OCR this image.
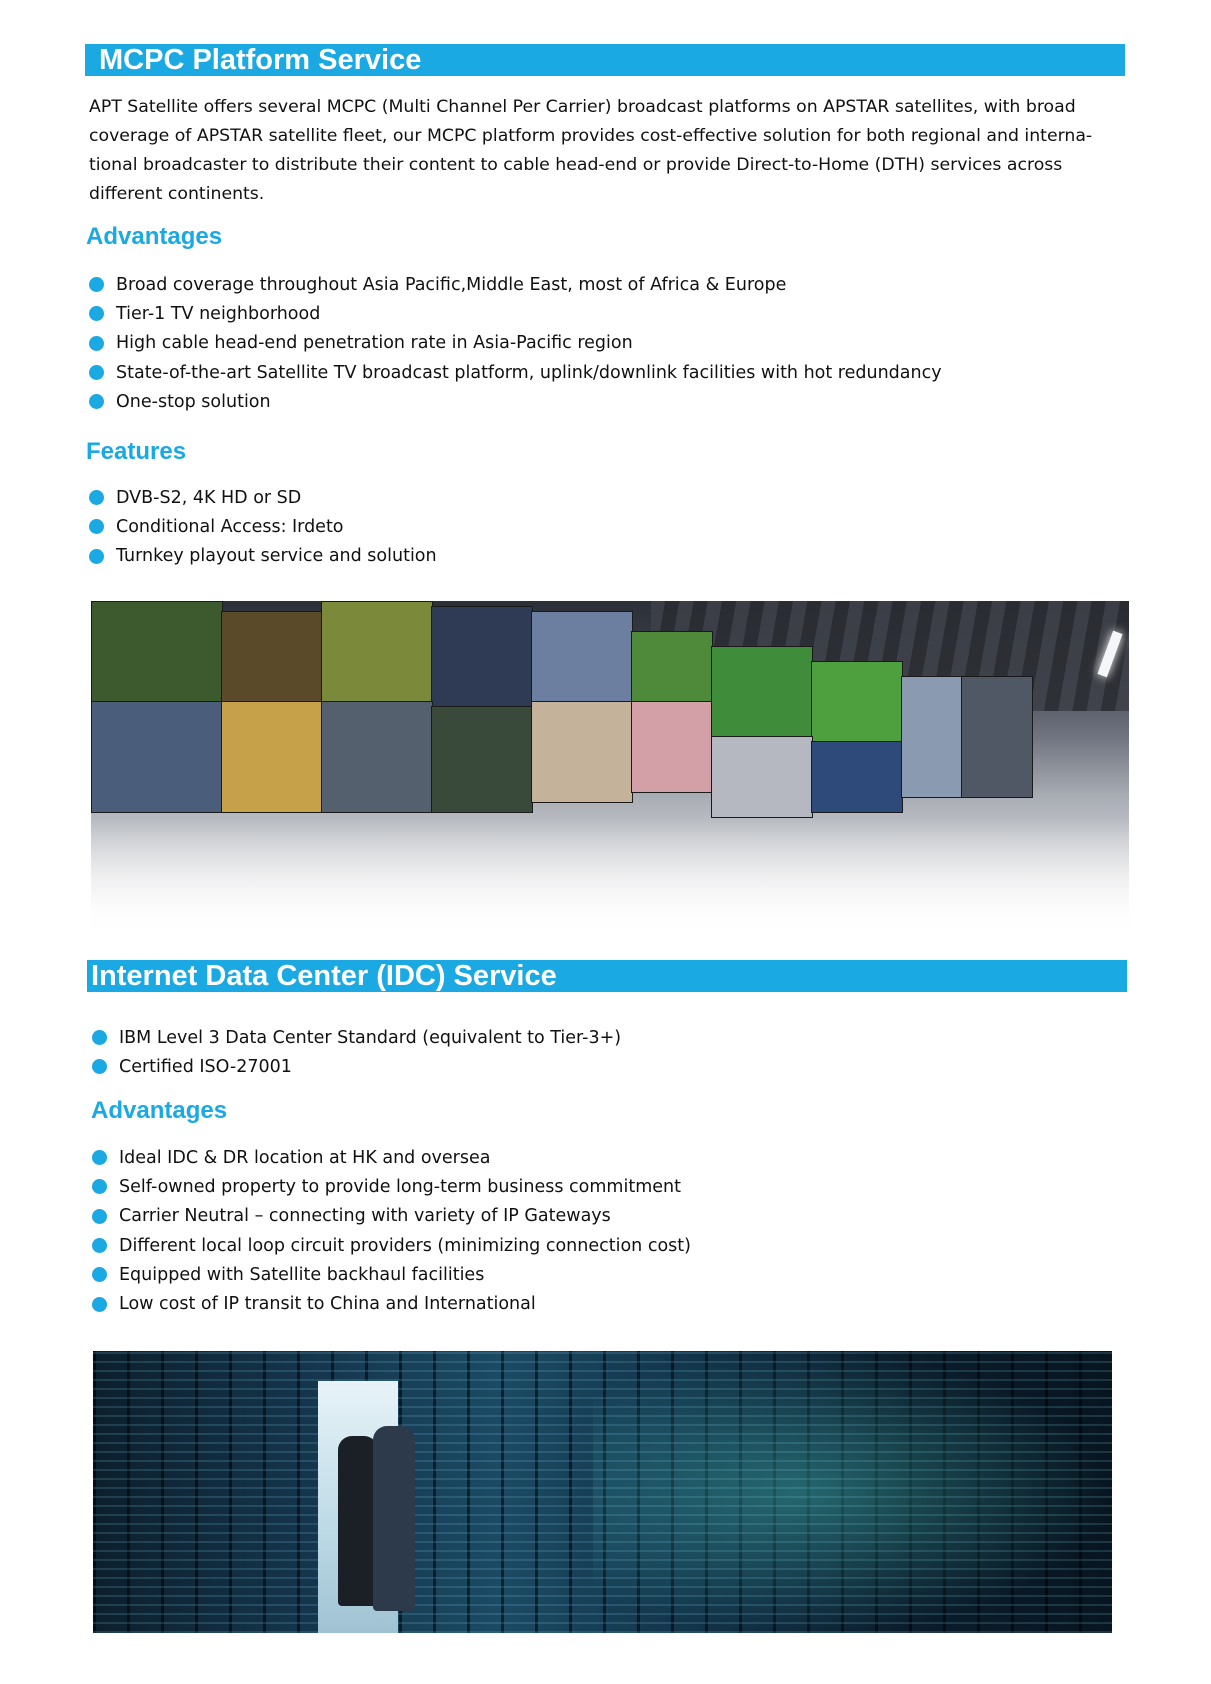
MCPC Platform Service

APT Satellite offers several MCPC (Multi Channel Per Carrier) broadcast platforms on APSTAR satellites, with broad
coverage of APSTAR satellite fleet, our MCPC platform provides cost-effective solution for both regional and interna-
tional broadcaster to distribute their content to cable head-end or provide Direct-to-Home (DTH) services across
different continents.

Advantages
Broad coverage throughout Asia Pacific,Middle East, most of Africa & Europe
Tier-1 TV neighborhood
High cable head-end penetration rate in Asia-Pacific region
State-of-the-art Satellite TV broadcast platform, uplink/downlink facilities with hot redundancy
One-stop solution
Features
DVB-S2, 4K HD or SD
Conditional Access: Irdeto
Turnkey playout service and solution
Internet Data Center (IDC) Service
IBM Level 3 Data Center Standard (equivalent to Tier-3+)
Certified ISO-27001
Advantages
Ideal IDC & DR location at HK and oversea
Self-owned property to provide long-term business commitment
Carrier Neutral – connecting with variety of IP Gateways
Different local loop circuit providers (minimizing connection cost)
Equipped with Satellite backhaul facilities
Low cost of IP transit to China and International
